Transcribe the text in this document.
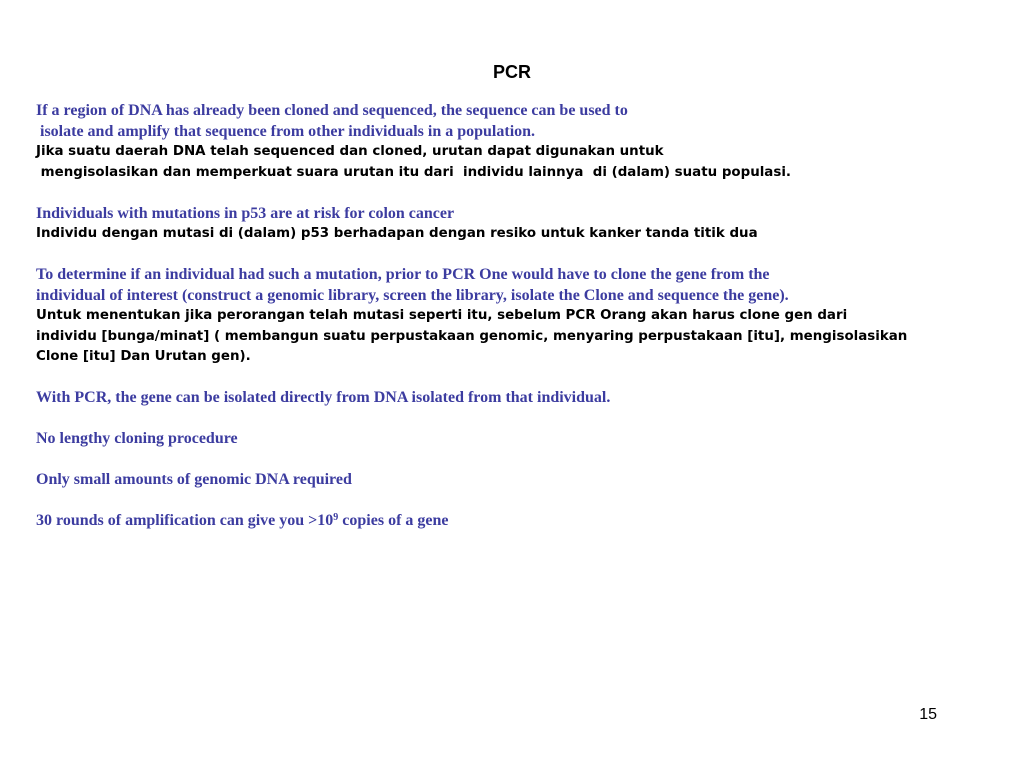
PCR
If a region of DNA has already been cloned and sequenced, the sequence can be used to
isolate and amplify that sequence from other individuals in a population.
Jika suatu daerah DNA telah sequenced dan cloned, urutan dapat digunakan untuk
mengisolasikan dan memperkuat suara urutan itu dari  individu lainnya  di (dalam) suatu populasi.
Individuals with mutations in p53 are at risk for colon cancer
Individu dengan mutasi di (dalam) p53 berhadapan dengan resiko untuk kanker tanda titik dua
To determine if an individual had such a mutation, prior to PCR One would have to clone the gene from the
individual of interest (construct a genomic library, screen the library, isolate the Clone and sequence the gene).
Untuk menentukan jika perorangan telah mutasi seperti itu, sebelum PCR Orang akan harus clone gen dari
individu [bunga/minat] ( membangun suatu perpustakaan genomic, menyaring perpustakaan [itu], mengisolasikan
Clone [itu] Dan Urutan gen).
With PCR, the gene can be isolated directly from DNA isolated from that individual.
No lengthy cloning procedure
Only small amounts of genomic DNA required
30 rounds of amplification can give you $>10^9$ copies of a gene
15
